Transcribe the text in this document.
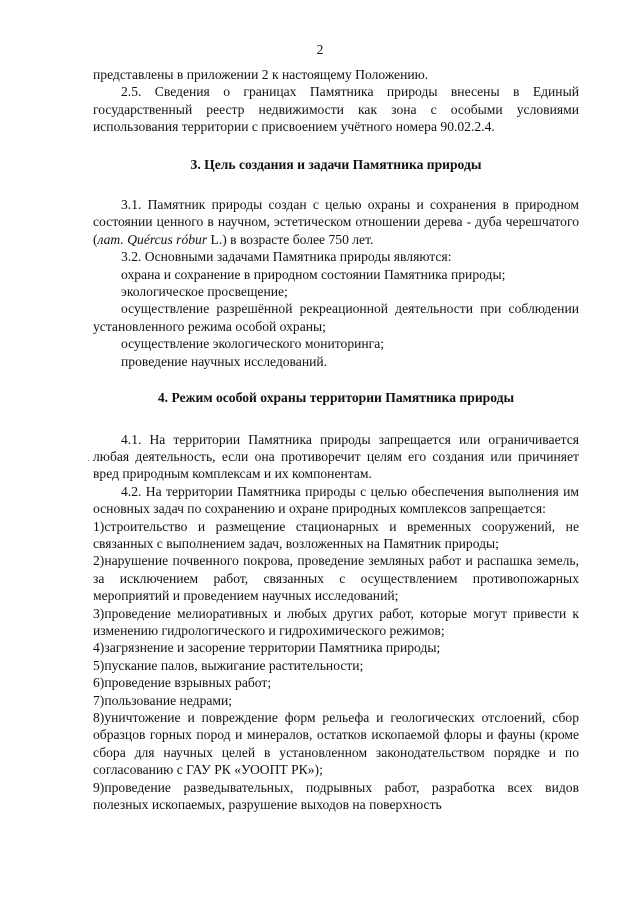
2

представлены в приложении 2 к настоящему Положению.

2.5. Сведения о границах Памятника природы внесены в Единый государственный реестр недвижимости как зона с особыми условиями использования территории с присвоением учётного номера 90.02.2.4.

3. Цель создания и задачи Памятника природы

3.1. Памятник природы создан с целью охраны и сохранения в природном состоянии ценного в научном, эстетическом отношении дерева - дуба черешчатого (лат. Quércus róbur L.) в возрасте более 750 лет.

3.2. Основными задачами Памятника природы являются:

охрана и сохранение в природном состоянии Памятника природы;

экологическое просвещение;

осуществление разрешённой рекреационной деятельности при соблюдении установленного режима особой охраны;

осуществление экологического мониторинга;

проведение научных исследований.

4. Режим особой охраны территории Памятника природы

4.1. На территории Памятника природы запрещается или ограничивается любая деятельность, если она противоречит целям его создания или причиняет вред природным комплексам и их компонентам.

4.2. На территории Памятника природы с целью обеспечения выполнения им основных задач по сохранению и охране природных комплексов запрещается:

1)строительство и размещение стационарных и временных сооружений, не связанных с выполнением задач, возложенных на Памятник природы;

2)нарушение почвенного покрова, проведение земляных работ и распашка земель, за исключением работ, связанных с осуществлением противопожарных мероприятий и проведением научных исследований;

3)проведение мелиоративных и любых других работ, которые могут привести к изменению гидрологического и гидрохимического режимов;

4)загрязнение и засорение территории Памятника природы;

5)пускание палов, выжигание растительности;

6)проведение взрывных работ;

7)пользование недрами;

8)уничтожение и повреждение форм рельефа и геологических отслоений, сбор образцов горных пород и минералов, остатков ископаемой флоры и фауны (кроме сбора для научных целей в установленном законодательством порядке и по согласованию с ГАУ РК «УООПТ РК»);

9)проведение разведывательных, подрывных работ, разработка всех видов полезных ископаемых, разрушение выходов на поверхность
